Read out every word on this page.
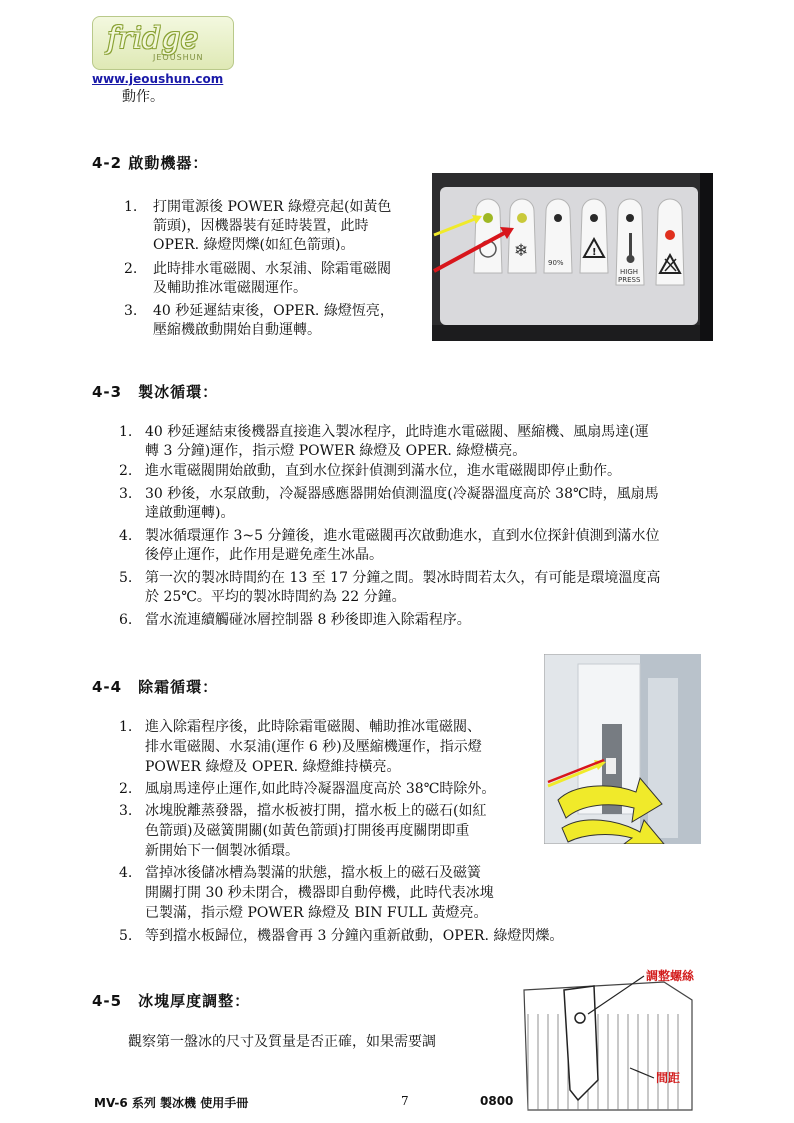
fridge
JEOUSHUN
www.jeoushun.com
動作。
4-2 啟動機器：
1. 打開電源後 POWER 綠燈亮起(如黃色
箭頭)，因機器裝有延時裝置，此時
OPER. 綠燈閃爍(如紅色箭頭)。
2. 此時排水電磁閥、水泵浦、除霜電磁閥
及輔助推冰電磁閥運作。
3. 40 秒延遲結束後，OPER. 綠燈恆亮，
壓縮機啟動開始自動運轉。
❄
90%
!
HIGH
PRESS
4-3　製冰循環：
1. 40 秒延遲結束後機器直接進入製冰程序，此時進水電磁閥、壓縮機、風扇馬達(運
轉 3 分鐘)運作，指示燈 POWER 綠燈及 OPER. 綠燈橫亮。
2. 進水電磁閥開始啟動，直到水位探針偵測到滿水位，進水電磁閥即停止動作。
3. 30 秒後，水泵啟動，冷凝器感應器開始偵測溫度(冷凝器溫度高於 38℃時，風扇馬
達啟動運轉)。
4. 製冰循環運作 3~5 分鐘後，進水電磁閥再次啟動進水，直到水位探針偵測到滿水位
後停止運作，此作用是避免產生冰晶。
5. 第一次的製冰時間約在 13 至 17 分鐘之間。製冰時間若太久，有可能是環境溫度高
於 25℃。平均的製冰時間約為 22 分鐘。
6. 當水流連續觸碰冰層控制器 8 秒後即進入除霜程序。
4-4　除霜循環：
1. 進入除霜程序後，此時除霜電磁閥、輔助推冰電磁閥、
排水電磁閥、水泵浦(運作 6 秒)及壓縮機運作，指示燈
POWER 綠燈及 OPER. 綠燈維持橫亮。
2. 風扇馬達停止運作,如此時冷凝器溫度高於 38℃時除外。
3. 冰塊脫離蒸發器，擋水板被打開，擋水板上的磁石(如紅
色箭頭)及磁簧開關(如黃色箭頭)打開後再度關閉即重
新開始下一個製冰循環。
4. 當掉冰後儲冰槽為製滿的狀態，擋水板上的磁石及磁簧
開關打開 30 秒未閉合，機器即自動停機，此時代表冰塊
已製滿，指示燈 POWER 綠燈及 BIN FULL 黃燈亮。
5. 等到擋水板歸位，機器會再 3 分鐘內重新啟動，OPER. 綠燈閃爍。
4-5　冰塊厚度調整：
觀察第一盤冰的尺寸及質量是否正確，如果需要調
調整螺絲
間距
MV-6 系列 製冰機 使用手冊	7	0800
